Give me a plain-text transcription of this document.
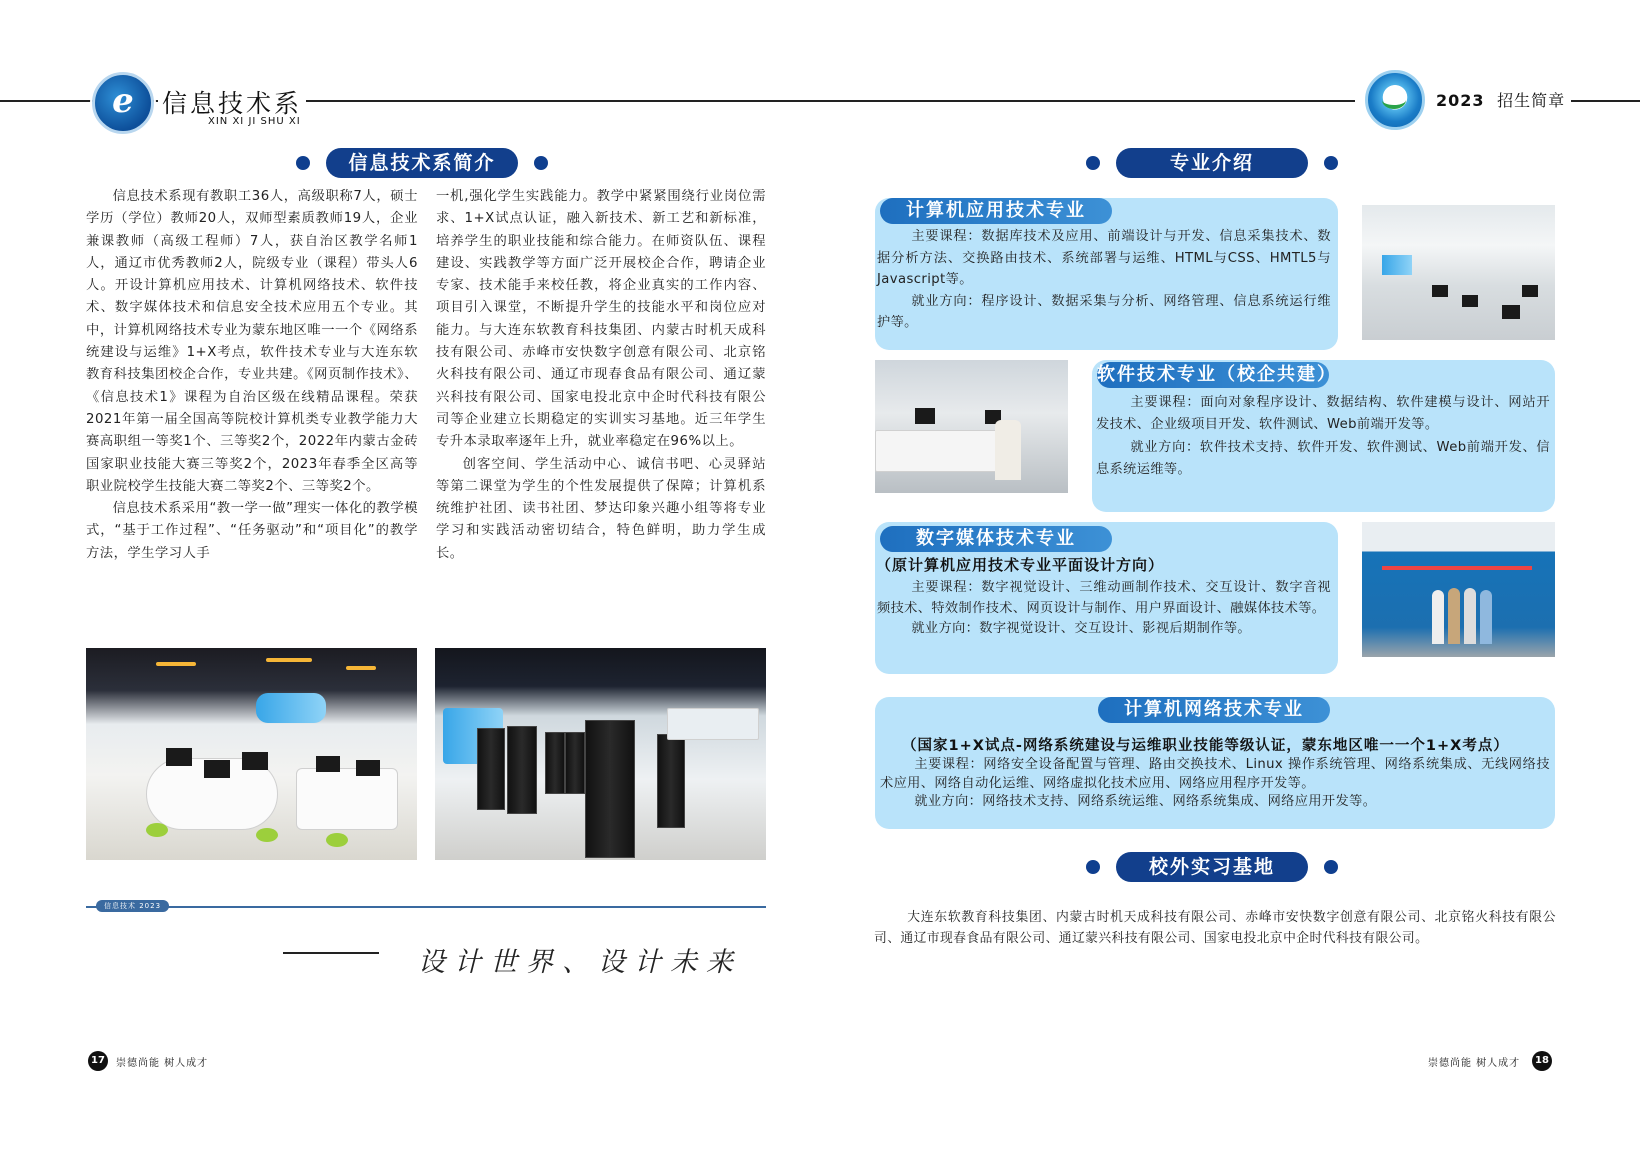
e	信息技术系
XIN XI JI SHU XI
2023 招生简章
信息技术系简介

信息技术系现有教职工36人，高级职称7人，硕士学历（学位）教师20人，双师型素质教师19人，企业兼课教师（高级工程师）7人，获自治区教学名师1人，通辽市优秀教师2人，院级专业（课程）带头人6人。开设计算机应用技术、计算机网络技术、软件技术、数字媒体技术和信息安全技术应用五个专业。其中，计算机网络技术专业为蒙东地区唯一一个《网络系统建设与运维》1+X考点，软件技术专业与大连东软教育科技集团校企合作，专业共建。《网页制作技术》、《信息技术1》课程为自治区级在线精品课程。荣获2021年第一届全国高等院校计算机类专业教学能力大赛高职组一等奖1个、三等奖2个，2022年内蒙古金砖国家职业技能大赛三等奖2个，2023年春季全区高等职业院校学生技能大赛二等奖2个、三等奖2个。

信息技术系采用“教一学一做”理实一体化的教学模式，“基于工作过程”、“任务驱动”和“项目化”的教学方法，学生学习人手

一机,强化学生实践能力。教学中紧紧围绕行业岗位需求、1+X试点认证，融入新技术、新工艺和新标准，培养学生的职业技能和综合能力。在师资队伍、课程建设、实践教学等方面广泛开展校企合作，聘请企业专家、技术能手来校任教，将企业真实的工作内容、项目引入课堂，不断提升学生的技能水平和岗位应对能力。与大连东软教育科技集团、内蒙古时机天成科技有限公司、赤峰市安快数字创意有限公司、北京铭火科技有限公司、通辽市现春食品有限公司、通辽蒙兴科技有限公司、国家电投北京中企时代科技有限公司等企业建立长期稳定的实训实习基地。近三年学生专升本录取率逐年上升，就业率稳定在96%以上。

创客空间、学生活动中心、诚信书吧、心灵驿站等第二课堂为学生的个性发展提供了保障；计算机系统维护社团、读书社团、梦达印象兴趣小组等将专业学习和实践活动密切结合，特色鲜明，助力学生成长。

信息技术 2023
设计世界、设计未来
17	崇德尚能 树人成才
专业介绍
计算机应用技术专业

主要课程：数据库技术及应用、前端设计与开发、信息采集技术、数据分析方法、交换路由技术、系统部署与运维、HTML与CSS、HMTL5与Javascript等。

就业方向：程序设计、数据采集与分析、网络管理、信息系统运行维护等。

软件技术专业（校企共建）

主要课程：面向对象程序设计、数据结构、软件建模与设计、网站开发技术、企业级项目开发、软件测试、Web前端开发等。

就业方向：软件技术支持、软件开发、软件测试、Web前端开发、信息系统运维等。

数字媒体技术专业
（原计算机应用技术专业平面设计方向）

主要课程：数字视觉设计、三维动画制作技术、交互设计、数字音视频技术、特效制作技术、网页设计与制作、用户界面设计、融媒体技术等。

就业方向：数字视觉设计、交互设计、影视后期制作等。

计算机网络技术专业
（国家1+X试点-网络系统建设与运维职业技能等级认证，蒙东地区唯一一个1+X考点）

主要课程：网络安全设备配置与管理、路由交换技术、Linux 操作系统管理、网络系统集成、无线网络技术应用、网络自动化运维、网络虚拟化技术应用、网络应用程序开发等。

就业方向：网络技术支持、网络系统运维、网络系统集成、网络应用开发等。

校外实习基地

大连东软教育科技集团、内蒙古时机天成科技有限公司、赤峰市安快数字创意有限公司、北京铭火科技有限公司、通辽市现春食品有限公司、通辽蒙兴科技有限公司、国家电投北京中企时代科技有限公司。

崇德尚能 树人成才	18
